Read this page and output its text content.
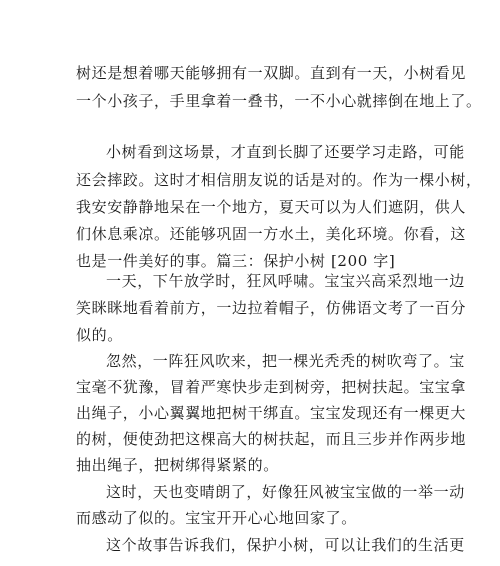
树还是想着哪天能够拥有一双脚。直到有一天，小树看见
一个小孩子，手里拿着一叠书，一不小心就摔倒在地上了。
小树看到这场景，才直到长脚了还要学习走路，可能
还会摔跤。这时才相信朋友说的话是对的。作为一棵小树，
我安安静静地呆在一个地方，夏天可以为人们遮阴，供人
们休息乘凉。还能够巩固一方水土，美化环境。你看，这
也是一件美好的事。篇三：保护小树 [200 字]
一天，下午放学时，狂风呼啸。宝宝兴高采烈地一边
笑眯眯地看着前方，一边拉着帽子，仿佛语文考了一百分
似的。
忽然，一阵狂风吹来，把一棵光秃秃的树吹弯了。宝
宝毫不犹豫，冒着严寒快步走到树旁，把树扶起。宝宝拿
出绳子，小心翼翼地把树干绑直。宝宝发现还有一棵更大
的树，便使劲把这棵高大的树扶起，而且三步并作两步地
抽出绳子，把树绑得紧紧的。
这时，天也变晴朗了，好像狂风被宝宝做的一举一动
而感动了似的。宝宝开开心心地回家了。
这个故事告诉我们，保护小树，可以让我们的生活更
